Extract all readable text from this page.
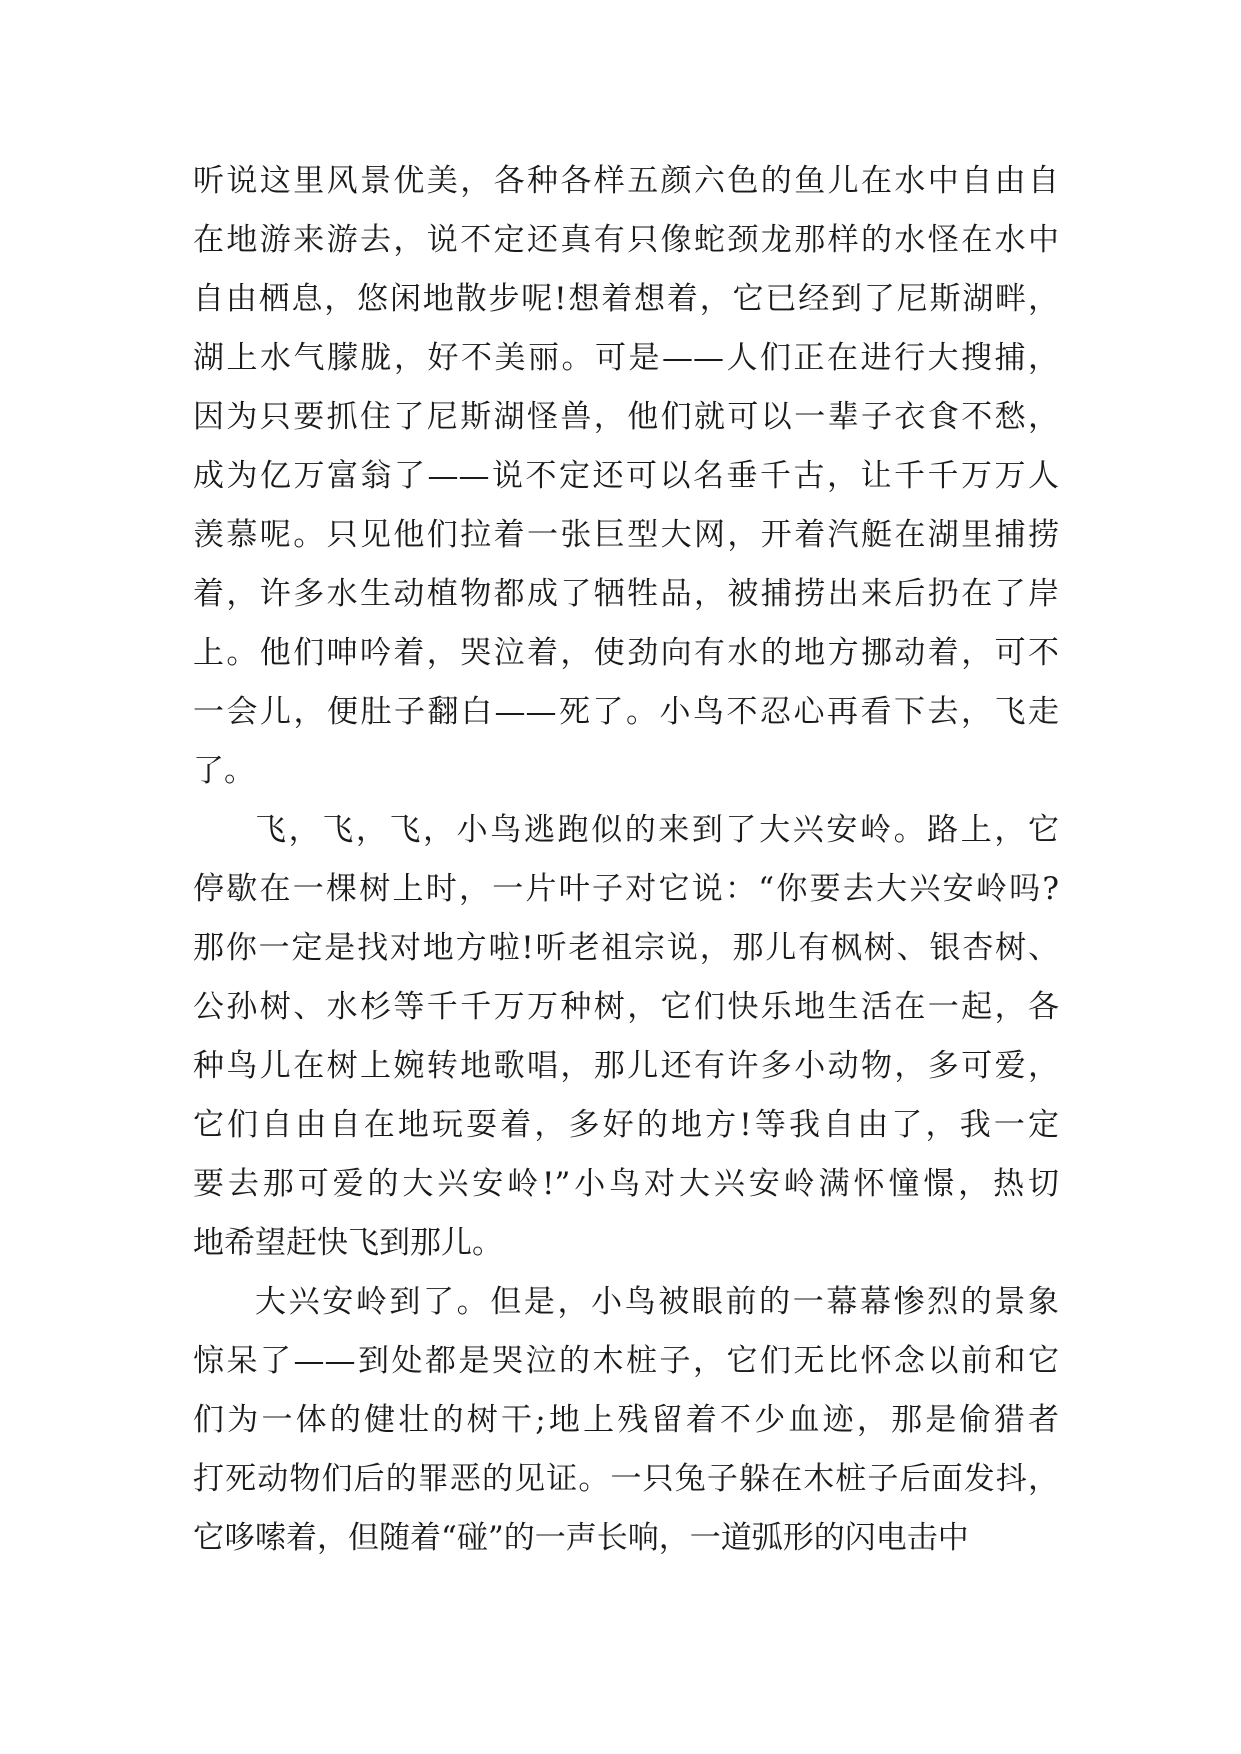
听说这里风景优美，各种各样五颜六色的鱼儿在水中自由自
在地游来游去，说不定还真有只像蛇颈龙那样的水怪在水中
自由栖息，悠闲地散步呢!想着想着，它已经到了尼斯湖畔，
湖上水气朦胧，好不美丽。可是——人们正在进行大搜捕，
因为只要抓住了尼斯湖怪兽，他们就可以一辈子衣食不愁，
成为亿万富翁了——说不定还可以名垂千古，让千千万万人
羡慕呢。只见他们拉着一张巨型大网，开着汽艇在湖里捕捞
着，许多水生动植物都成了牺牲品，被捕捞出来后扔在了岸
上。他们呻吟着，哭泣着，使劲向有水的地方挪动着，可不
一会儿，便肚子翻白——死了。小鸟不忍心再看下去，飞走
了。
飞，飞，飞，小鸟逃跑似的来到了大兴安岭。路上，它
停歇在一棵树上时，一片叶子对它说：“你要去大兴安岭吗?
那你一定是找对地方啦!听老祖宗说，那儿有枫树、银杏树、
公孙树、水杉等千千万万种树，它们快乐地生活在一起，各
种鸟儿在树上婉转地歌唱，那儿还有许多小动物，多可爱，
它们自由自在地玩耍着，多好的地方!等我自由了，我一定
要去那可爱的大兴安岭!”小鸟对大兴安岭满怀憧憬，热切
地希望赶快飞到那儿。
大兴安岭到了。但是，小鸟被眼前的一幕幕惨烈的景象
惊呆了——到处都是哭泣的木桩子，它们无比怀念以前和它
们为一体的健壮的树干;地上残留着不少血迹，那是偷猎者
打死动物们后的罪恶的见证。一只兔子躲在木桩子后面发抖，
它哆嗦着，但随着“碰”的一声长响，一道弧形的闪电击中
